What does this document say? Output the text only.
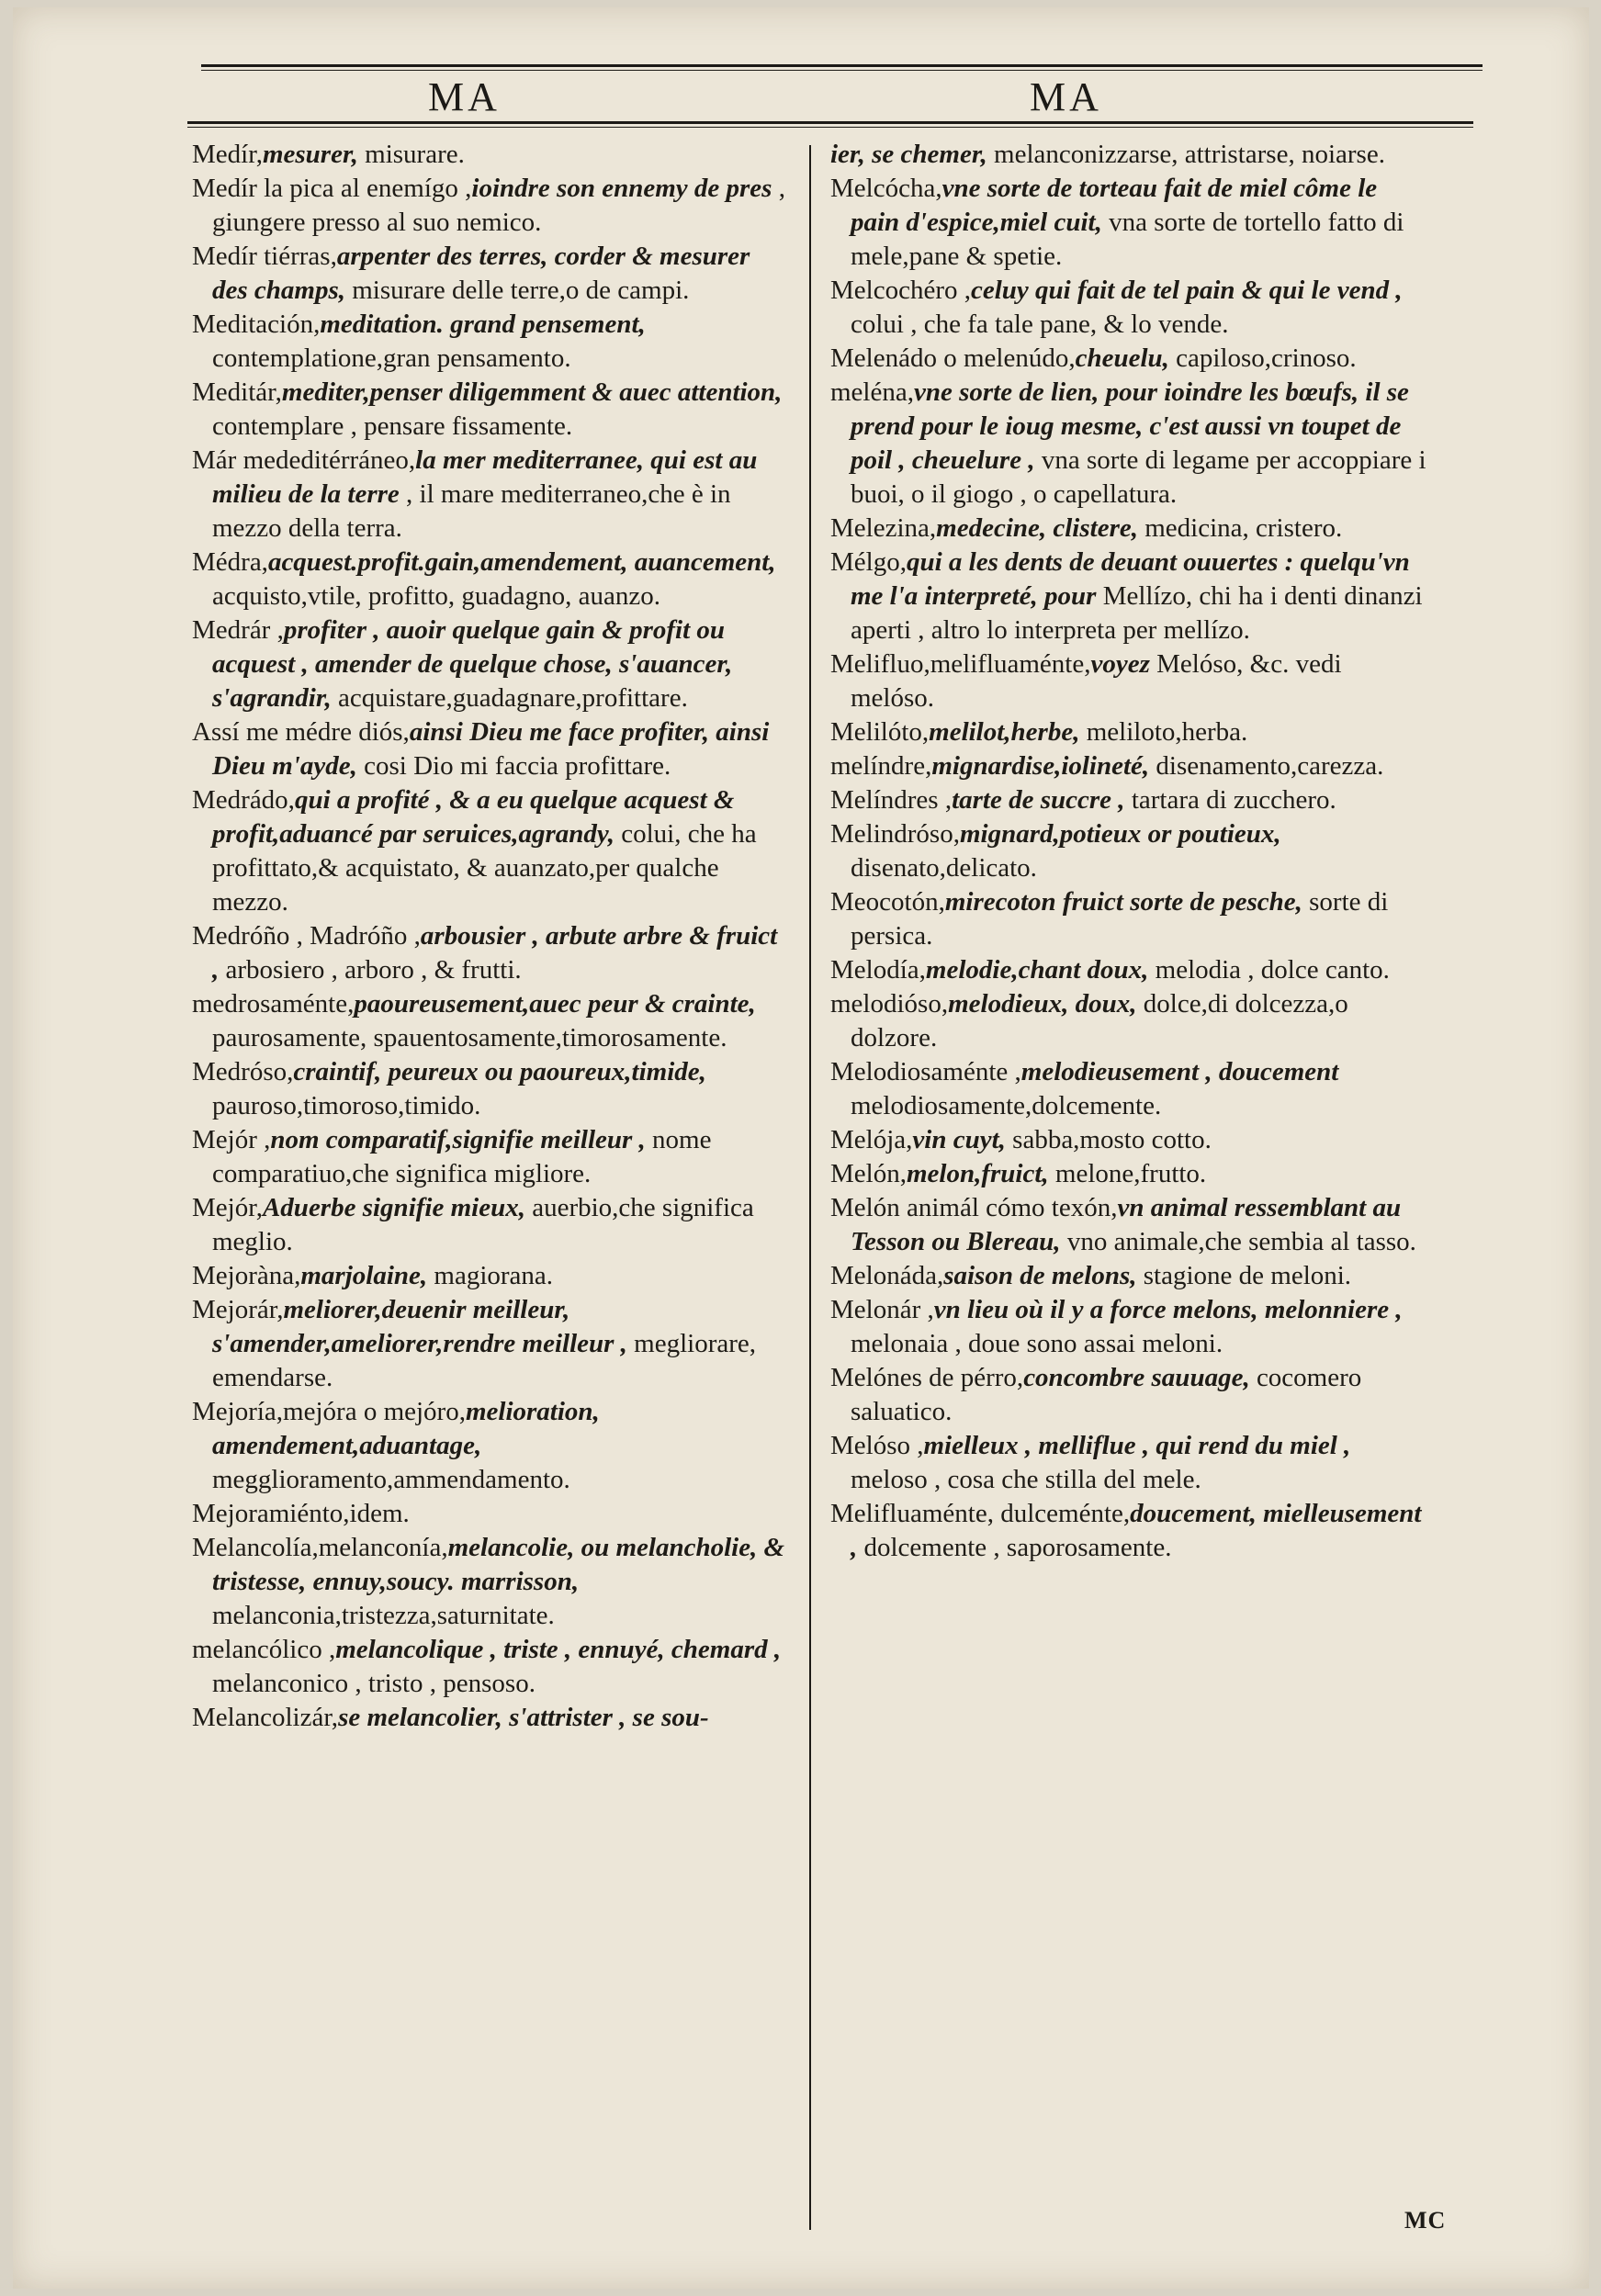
MA	MA
Medír,mesurer, misurare.
Medír la pica al enemígo ,ioindre son ennemy de pres , giungere presso al suo nemico.
Medír tiérras,arpenter des terres, corder & mesurer des champs, misurare delle terre,o de campi.
Meditación,meditation. grand pensement, contemplatione,gran pensamento.
Meditár,mediter,penser diligemment & auec attention, contemplare , pensare fissamente.
Már mededitérráneo,la mer mediterranee, qui est au milieu de la terre , il mare mediterraneo,che è in mezzo della terra.
Médra,acquest.profit.gain,amendement, auancement, acquisto,vtile, profitto, guadagno, auanzo.
Medrár ,profiter , auoir quelque gain & profit ou acquest , amender de quelque chose, s'auancer, s'agrandir, acquistare,guadagnare,profittare.
Assí me médre diós,ainsi Dieu me face profiter, ainsi Dieu m'ayde, cosi Dio mi faccia profittare.
Medrádo,qui a profité , & a eu quelque acquest & profit,aduancé par seruices,agrandy, colui, che ha profittato,& acquistato, & auanzato,per qualche mezzo.
Medróño , Madróño ,arbousier , arbute arbre & fruict , arbosiero , arboro , & frutti.
medrosaménte,paoureusement,auec peur & crainte, paurosamente, spauentosamente,timorosamente.
Medróso,craintif, peureux ou paoureux,timide, pauroso,timoroso,timido.
Mejór ,nom comparatif,signifie meilleur , nome comparatiuo,che significa migliore.
Mejór,Aduerbe signifie mieux, auerbio,che significa meglio.
Mejoràna,marjolaine, magiorana.
Mejorár,meliorer,deuenir meilleur, s'amender,ameliorer,rendre meilleur , megliorare, emendarse.
Mejoría,mejóra o mejóro,melioration, amendement,aduantage, megglioramento,ammendamento.
Mejoramiénto,idem.
Melancolía,melanconía,melancolie, ou melancholie, & tristesse, ennuy,soucy. marrisson, melanconia,tristezza,saturnitate.
melancólico ,melancolique , triste , ennuyé, chemard , melanconico , tristo , pensoso.
Melancolizár,se melancolier, s'attrister , se sou-
ier, se chemer, melanconizzarse, attristarse, noiarse.
Melcócha,vne sorte de torteau fait de miel côme le pain d'espice,miel cuit, vna sorte de tortello fatto di mele,pane & spetie.
Melcochéro ,celuy qui fait de tel pain & qui le vend , colui , che fa tale pane, & lo vende.
Melenádo o melenúdo,cheuelu, capiloso,crinoso.
meléna,vne sorte de lien, pour ioindre les bœufs, il se prend pour le ioug mesme, c'est aussi vn toupet de poil , cheuelure , vna sorte di legame per accoppiare i buoi, o il giogo , o capellatura.
Melezina,medecine, clistere, medicina, cristero.
Mélgo,qui a les dents de deuant ouuertes : quelqu'vn me l'a interpreté, pour Mellízo, chi ha i denti dinanzi aperti , altro lo interpreta per mellízo.
Melifluo,melifluaménte,voyez Melóso, &c. vedi melóso.
Melilóto,melilot,herbe, meliloto,herba.
melíndre,mignardise,iolineté, disenamento,carezza.
Melíndres ,tarte de succre , tartara di zucchero.
Melindróso,mignard,potieux or poutieux, disenato,delicato.
Meocotón,mirecoton fruict sorte de pesche, sorte di persica.
Melodía,melodie,chant doux, melodia , dolce canto.
melodióso,melodieux, doux, dolce,di dolcezza,o dolzore.
Melodiosaménte ,melodieusement , doucement melodiosamente,dolcemente.
Melója,vin cuyt, sabba,mosto cotto.
Melón,melon,fruict, melone,frutto.
Melón animál cómo texón,vn animal ressemblant au Tesson ou Blereau, vno animale,che sembia al tasso.
Melonáda,saison de melons, stagione de meloni.
Melonár ,vn lieu où il y a force melons, melonniere , melonaia , doue sono assai meloni.
Melónes de pérro,concombre sauuage, cocomero saluatico.
Melóso ,mielleux , melliflue , qui rend du miel , meloso , cosa che stilla del mele.
Melifluaménte, dulceménte,doucement, mielleusement , dolcemente , saporosamente.
MC
